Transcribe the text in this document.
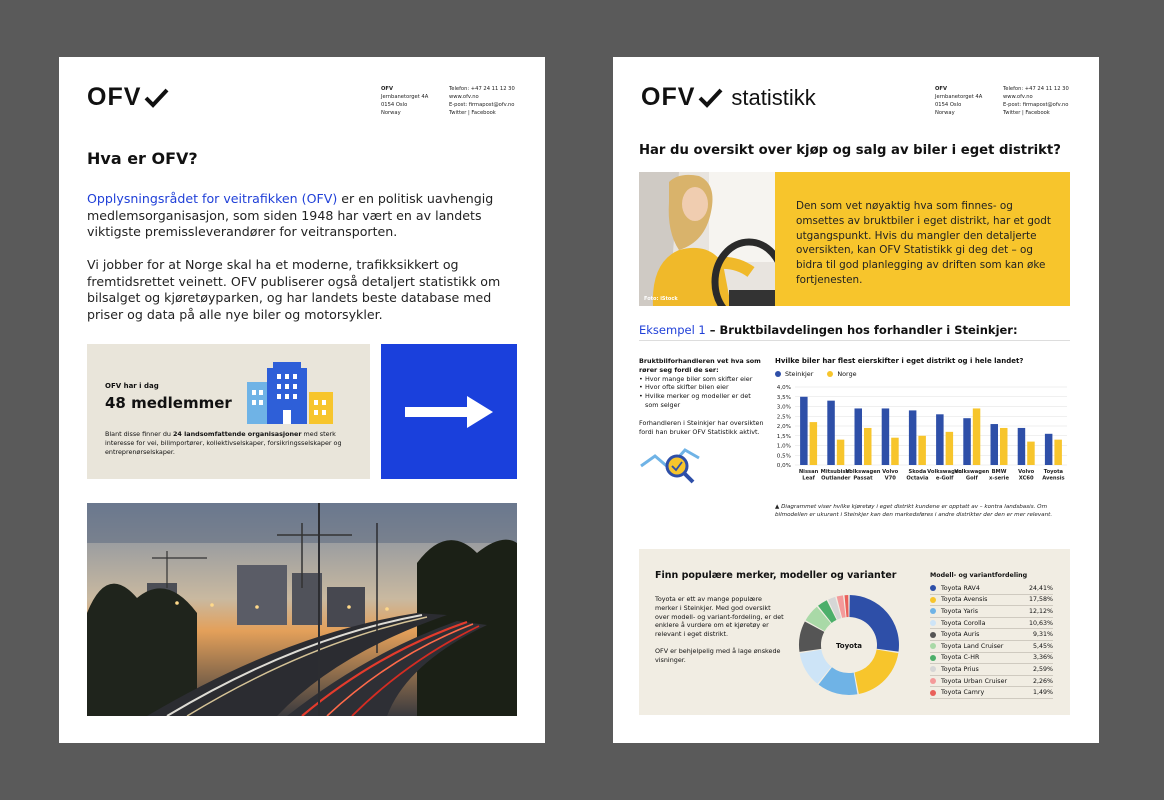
OFV	OFV
Jernbanetorget 4A
0154 Oslo
Norway
Telefon: +47 24 11 12 30
www.ofv.no
E-post: firmapost@ofv.no
Twitter | Facebook
Hva er OFV?
Opplysningsrådet for veitrafikken (OFV) er en politisk uavhengig medlemsorganisasjon, som siden 1948 har vært en av landets viktigste premissleverandører for veitransporten.
Vi jobber for at Norge skal ha et moderne, trafikksikkert og fremtidsrettet veinett. OFV publiserer også detaljert statistikk om bilsalget og kjøretøyparken, og har landets beste database med priser og data på alle nye biler og motorsykler.
OFV har i dag
48 medlemmer
Blant disse finner du 24 landsomfattende organisasjoner med sterk interesse for vei, bilimportører, kollektivselskaper, forsikringsselskaper og entreprenørselskaper.
OFV statistikk	OFV
Jernbanetorget 4A
0154 Oslo
Norway
Telefon: +47 24 11 12 30
www.ofv.no
E-post: firmapost@ofv.no
Twitter | Facebook
Har du oversikt over kjøp og salg av biler i eget distrikt?
Foto: iStock
Den som vet nøyaktig hva som finnes- og omsettes av bruktbiler i eget distrikt, har et godt utgangspunkt. Hvis du mangler den detaljerte oversikten, kan OFV Statistikk gi deg det – og bidra til god planlegging av driften som kan øke fortjenesten.
Eksempel 1 – Bruktbilavdelingen hos forhandler i Steinkjer:
Bruktbilforhandleren vet hva som rører seg fordi de ser:
• Hvor mange biler som skifter eier
• Hvor ofte skifter bilen eier
• Hvilke merker og modeller er det som selger

Forhandleren i Steinkjer har oversikten fordi han bruker OFV Statistikk aktivt.

Hvilke biler har flest eierskifter i eget distrikt og i hele landet?
Steinkjer	Norge
4,0%
3,5%
3,0%
2,5%
2,0%
1,5%
1,0%
0,5%
0,0%
Nissan
Leaf
Mitsubishi
Outlander
Volkswagen
Passat
Volvo
V70
Skoda
Octavia
Volkswagen
e-Golf
Volkswagen
Golf
BMW
x-serie
Volvo
XC60
Toyota
Avensis
▲ Diagrammet viser hvilke kjøretøy i eget distrikt kundene er opptatt av – kontra landsbasis. Om bilmodellen er ukurant i Steinkjer kan den markedsføres i andre distrikter der den er mer relevant.
Finn populære merker, modeller og varianter

Toyota er ett av mange populære merker i Steinkjer. Med god oversikt over modell- og variant-fordeling, er det enklere å vurdere om et kjøretøy er relevant i eget distrikt.

OFV er behjelpelig med å lage ønskede visninger.

Toyota
Modell- og variantfordeling
Toyota RAV4	24,41%
Toyota Avensis	17,58%
Toyota Yaris	12,12%
Toyota Corolla	10,63%
Toyota Auris	9,31%
Toyota Land Cruiser	5,45%
Toyota C-HR	3,36%
Toyota Prius	2,59%
Toyota Urban Cruiser	2,26%
Toyota Camry	1,49%
